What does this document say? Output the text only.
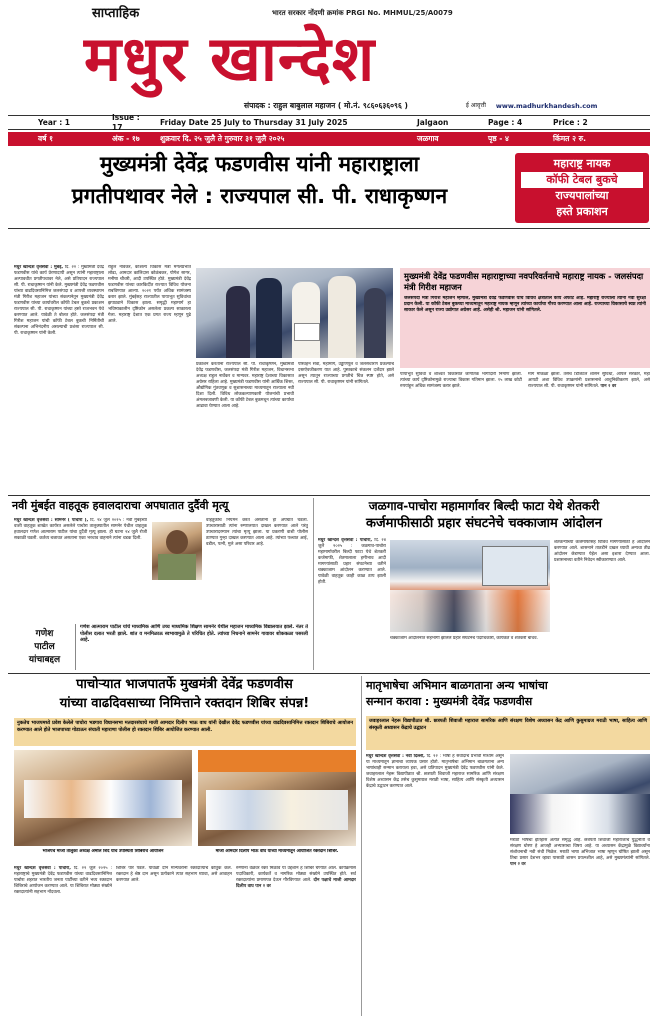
साप्ताहिक	भारत सरकार नोंदणी क्रमांक PRGI No. MHMUL/25/A0079
मधुर खान्देश
संपादक : राहुल बाबुलाल महाजन ( मो.नं. ९८६०६३६०९६ )	ई आवृत्ती www.madhurkhandesh.com
Year : 1
Issue : 17
Friday Date 25 July to Thursday 31 July 2025	Jalgaon	Page : 4	Price : 2
वर्ष १	अंक - १७	शुक्रवार दि. २५ जुलै ते गुरुवार ३१ जुलै २०२५	जळगाव	पृष्ठ - ४	किंमत २ रु.
मुख्यमंत्री देवेंद्र फडणवीस यांनी महाराष्ट्राला
प्रगतीपथावर नेले : राज्यपाल सी. पी. राधाकृष्णन
महाराष्ट्र नायक
कॉफी टेबल बुकचे
राज्यपालांच्या
हस्ते प्रकाशन
मधुर खान्देश वृत्तसेवा : मुंबई, दि. २२ : मुख्यमंत्री देवेंद्र फडणवीस यांचे कार्य प्रेरणादायी असून त्यांनी महाराष्ट्राला अल्पावधीत प्रगतीपथावर नेले, असे प्रतिपादन राज्यपाल सी. पी. राधाकृष्णन यांनी केले. मुख्यमंत्री देवेंद्र फडणवीस यांच्या वाढदिवसानिमित्त जलसंपदा व आपत्ती व्यवस्थापन मंत्री गिरीश महाजन यांच्या संकल्पनेतून मुख्यमंत्री देवेंद्र फडणवीस यांच्या कार्यावरील कॉफी टेबल बुकचे प्रकाशन राज्यपाल सी. पी. राधाकृष्णन यांच्या हस्ते राजभवन येथे करण्यात आले. यावेळी ते बोलत होते. जलसंपदा मंत्री गिरीश महाजन यांची कॉफी टेबल बुकची निर्मितीची संकल्पना अभिनंदनीय असल्याची प्रशंसा राज्यपाल सी. पी. राधाकृष्णन यांनी केली.
राहुल नार्वेकर, कौशल्य विकास मंत्री मंगलप्रभात लोढा, आमदार कालिदास कोळंबकर, योगेश सागर, मनीषा चौधरी, आदी उपस्थित होते. मुख्यमंत्री देवेंद्र फडणवीस यांच्या कारकिर्दीत राज्यात विविध योजना राबविण्यात आल्या. २०२१ पर्यंत अधिक सामंजस्य करार झाले. मुंबईसह राज्यातील पायाभूत सुविधांचा झपाट्याने विकास झाला. समृद्धी महामार्ग हा भविष्यकालीन दृष्टिकोन असलेला प्रकल्प साकारला गेला. महाराष्ट्र देशात एक प्रगत राज्य म्हणून पुढे आले.
प्रकाशन करताना राज्यपाल सी. पी. राधाकृष्णन, मुख्यमंत्री देवेंद्र फडणवीस, जलसंपदा मंत्री गिरीश महाजन, विधानसभा अध्यक्ष राहुल नार्वेकर व मान्यवर. महाराष्ट्र देशाच्या विकासात अग्रेसर राहिला आहे. मुख्यमंत्री फडणवीस यांनी आर्थिक शिस्त, औद्योगिक गुंतवणूक व सुशासनाच्या माध्यमातून राज्याला नवी दिशा दिली. विविध लोककल्याणकारी योजनांची प्रभावी अंमलबजावणी केली. या कॉफी टेबल बुकमधून त्यांच्या कार्याचा आढावा घेण्यात आला आहे.
परिवहन सेवा, महामार्ग, उड्डाणपूल व जलसंधारण प्रकल्पांचे दस्तऐवजीकरण यात आहे. पुस्तकाचे संकलन दर्जेदार झाले असून त्यातून राज्याच्या प्रगतीचे चित्र स्पष्ट होते, असे राज्यपाल सी. पी. राधाकृष्णन यांनी सांगितले.
मुख्यमंत्री देवेंद्र फडणवीस महाराष्ट्राच्या नवपरिवर्तनाचे महाराष्ट्र नायक - जलसंपदा मंत्री गिरीश महाजन
जलसंपदा मंत्री गिरीश महाजन म्हणाले, मुख्यमंत्री देवेंद्र फडणवीस यांचे विविध क्षेत्रातील कार्य अफाट आहे. महाराष्ट्र राज्याला त्यांनी नवी सुरक्षा प्रदान केली. या कॉफी टेबल बुकच्या माध्यमातून महाराष्ट्र नायक म्हणून त्यांच्या कार्याचा गौरव करण्यात आला आहे. राज्याच्या विकासाचे स्वप्न त्यांनी साकार केले असून राज्य उद्योगात अग्रेसर आहे. असेही श्री. महाजन यांनी सांगितले.
पायाभूत सुविधा व शाश्वत विकासात जागतिक भागीदारी निर्माण झाली. त्यांच्या कार्य दृष्टिकोनामुळे राज्याचा विकास गतिमान झाला. १५ लाख कोटी रुपयांहून अधिक सामंजस्य करार झाले.
मार्ग मोकळा झाला. तसेच डिजिटल शासन सुविधा, आपले सरकार, महा आयटी अशा विविध उपक्रमांनी प्रशासनाचे आधुनिकीकरण झाले, असे राज्यपाल सी. पी. राधाकृष्णन यांनी सांगितले. पान २ वर
नवी मुंबईत वाहतूक हवालदाराचा अपघातात दुर्दैवी मृत्यू
मधुर खान्देश वृत्तसेवा : सामनेर ( पाचोरा ), दि. २४ जुलै २०२५ : नवी मुंबईच्या वाशी वाहतूक शाखेत कार्यरत असलेले पाचोरा तालुक्यातील सामनेर येथील वाहतूक हवालदार गणेश आत्माराम पाटील यांचा दुर्दैवी मृत्यू झाला. ही घटना २४ जुलै रोजी सकाळी घडली. कर्तव्य बजावत असताना एका भरधाव वाहनाने त्यांना धडक दिली.
वाहतुकीचे नियमन करत असताना हा अपघात घडला. उपचारासाठी त्यांना रुग्णालयात दाखल करण्यात आले परंतु उपचारादरम्यान त्यांचा मृत्यू झाला. या प्रकरणी वाशी पोलीस ठाण्यात गुन्हा दाखल करण्यात आला आहे. त्यांच्या पश्चात आई, वडील, पत्नी, मुले असा परिवार आहे.
गणेश
पाटील
यांचाबद्दल
गणेश आत्माराम पाटील यांचे माध्यमिक आणि उच्च माध्यमिक शिक्षण सामनेर येथील महाजन माध्यमिक विद्यालयात झाले. नंतर ते पोलीस दलात भरती झाले. शांत व मनमिळाऊ स्वभावामुळे ते परिचित होते. त्यांच्या निधनाने सामनेर गावावर शोककळा पसरली आहे.
जळगाव-पाचोरा महामार्गावर बिल्दी फाटा येथे शेतकरी
कर्जमाफीसाठी प्रहार संघटनेचे चक्काजाम आंदोलन
मधुर खान्देश वृत्तसेवा : पाचोरा, दि. २४ जुलै २०२५ : जळगाव-पाचोरा महामार्गावरील बिल्दी फाटा येथे शेतकरी कर्जमाफी, शेतमालाला हमीभाव आदी मागण्यांसाठी प्रहार संघटनेच्या वतीने चक्काजाम आंदोलन करण्यात आले. यावेळी वाहतूक काही काळ ठप्प झाली होती.
चक्काजाम आंदोलनात सहभागी झालेले प्रहार संघटनेचे पदाधिकारी, कार्यकर्ते व शेतकरी बांधव.
शेतकऱ्यांच्या कर्जमाफीसह विविध मागण्यांसाठी हे आंदोलन करण्यात आले. शासनाने तातडीने दखल घ्यावी अन्यथा तीव्र आंदोलन छेडण्यात येईल असा इशारा देण्यात आला. प्रशासनाच्या वतीने निवेदन स्वीकारण्यात आले.
पाचोऱ्यात भाजपातर्फे मुखमंत्री देवेंद्र फडणवीस
यांच्या वाढदिवसाच्या निमित्ताने रक्तदान शिबिर संपन्न!
नुकतेच भाजपमध्ये प्रवेश केलेले पाचोरा भडगाव विधानसभा मतदारसंघाचे माजी आमदार दिलीप भाऊ वाघ यांनी देखील देवेंद्र फडणवीस यांच्या वाढदिवसानिमित्त रक्तदान शिबिराचे आयोजन करण्यात आले होते भाजपाच्या गोडाऊन संचाती महाराणा पोलीस हो रक्तदान शिबिर आयोजित करण्यात आली.
भाजपचे माजी तालुका अध्यक्ष अमोल शिंदे यांचे उपस्थिती शिबिराचे आयोजन	माजी आमदार दिलीप भाऊ वाघ यांच्या माध्यमातून आयोजित रक्तदान शिबिर.
मधुर खान्देश वृत्तसेवा : पाचोरा, दि. २२ जुलै २०२५ : महाराष्ट्राचे मुख्यमंत्री देवेंद्र फडणवीस यांच्या वाढदिवसानिमित्त पाचोरा शहरात भारतीय जनता पार्टीच्या वतीने भव्य रक्तदान शिबिराचे आयोजन करण्यात आले. या शिबिरात मोठ्या संख्येने रक्तदात्यांनी सहभाग नोंदवला.
शिबिर पार पडले. यावेळी दोन मान्यवरांनी रक्तदात्यांचे कौतुक केले. रक्तदान हे श्रेष्ठ दान असून प्रत्येकाने त्यात सहभाग घ्यावा, असे आवाहन करण्यात आले.
रुग्णांना वेळेवर रक्त मिळावे या उद्देशाने हे शिबिर घेण्यात आले. कार्यक्रमास पदाधिकारी, कार्यकर्ते व नागरिक मोठ्या संख्येने उपस्थित होते. सर्व रक्तदात्यांना प्रमाणपत्र देऊन गौरविण्यात आले. दोन पक्षाचे माजी आमदार दिलीप वाघ पान २ वर
मातृभाषेचा अभिमान बाळगताना अन्य भाषांचा
सन्मान करावा : मुख्यमंत्री देवेंद्र फडणवीस
जवाहरलाल नेहरू विद्यापीठात श्री. छत्रपती शिवाजी महाराज सामरिक आणि संरक्षण विशेष अध्यासन केंद्र आणि कुसुमाग्रज मराठी भाषा, साहित्य आणि संस्कृती अध्यासन केंद्राचे उद्घाटन
मधुर खान्देश वृत्तसेवा : नवी दिल्ली, दि. २२ : भाषा हे संवादाचे प्रभावी माध्यम असून या माध्यमातून ज्ञानाचा व्यापक प्रसार होतो. मातृभाषेचा अभिमान बाळगताना अन्य भाषांचाही सन्मान करायला हवा, असे प्रतिपादन मुख्यमंत्री देवेंद्र फडणवीस यांनी केले. जवाहरलाल नेहरू विद्यापीठात श्री. छत्रपती शिवाजी महाराज सामरिक आणि संरक्षण विशेष अध्यासन केंद्र तसेच कुसुमाग्रज मराठी भाषा, साहित्य आणि संस्कृती अध्यासन केंद्राचे उद्घाटन करण्यात आले.
मराठी भाषेचा इतिहास अत्यंत समृद्ध आहे. छत्रपती शिवाजी महाराजांचे युद्धनीती व संरक्षण धोरण हे आजही अभ्यासाचा विषय आहे. या अध्यासन केंद्रामुळे विद्यार्थ्यांना संशोधनाची नवी संधी मिळेल. मराठी भाषा अभिजात भाषा म्हणून घोषित झाली असून तिचा प्रसार देशभर व्हावा यासाठी शासन प्रयत्नशील आहे, असे मुख्यमंत्र्यांनी सांगितले. पान २ वर
